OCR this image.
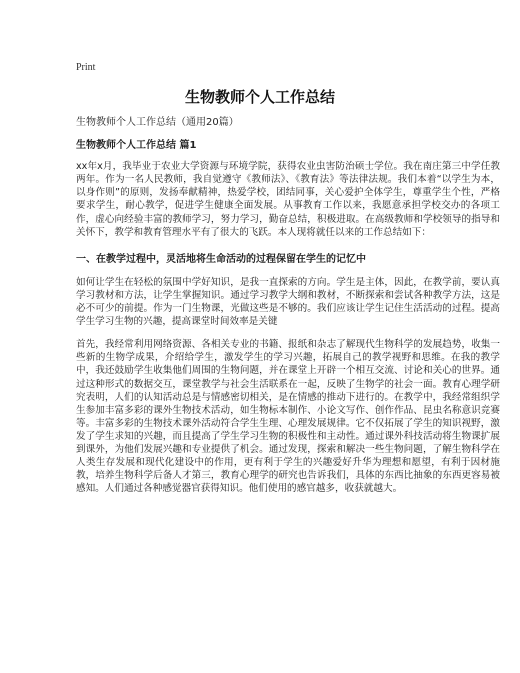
Print
生物教师个人工作总结

生物教师个人工作总结（通用20篇）

生物教师个人工作总结 篇1

xx年x月，我毕业于农业大学资源与环境学院，获得农业虫害防治硕士学位。我在南庄第三中学任教两年。作为一名人民教师，我自觉遵守《教师法》、《教育法》等法律法规。我们本着“以学生为本，以身作则”的原则，发扬奉献精神，热爱学校，团结同事，关心爱护全体学生，尊重学生个性，严格要求学生，耐心教学，促进学生健康全面发展。从事教育工作以来，我愿意承担学校交办的各项工作，虚心向经验丰富的教师学习，努力学习，勤奋总结，积极进取。在高级教师和学校领导的指导和关怀下，教学和教育管理水平有了很大的飞跃。本人现将就任以来的工作总结如下：

一、在教学过程中，灵活地将生命活动的过程保留在学生的记忆中

如何让学生在轻松的氛围中学好知识，是我一直探索的方向。学生是主体，因此，在教学前，要认真学习教材和方法，让学生掌握知识。通过学习教学大纲和教材，不断探索和尝试各种教学方法，这是必不可少的前提。作为一门生物课，光做这些是不够的。我们应该让学生记住生活活动的过程。提高学生学习生物的兴趣，提高课堂时间效率是关键

首先，我经常利用网络资源、各相关专业的书籍、报纸和杂志了解现代生物科学的发展趋势，收集一些新的生物学成果，介绍给学生，激发学生的学习兴趣，拓展自己的教学视野和思维。在我的教学中，我还鼓励学生收集他们周围的生物问题，并在课堂上开辟一个相互交流、讨论和关心的世界。通过这种形式的数据交互，课堂教学与社会生活联系在一起，反映了生物学的社会一面。教育心理学研究表明，人们的认知活动总是与情感密切相关，是在情感的推动下进行的。在教学中，我经常组织学生参加丰富多彩的课外生物技术活动，如生物标本制作、小论文写作、创作作品、昆虫名称意识竞赛等。丰富多彩的生物技术课外活动符合学生生理、心理发展规律。它不仅拓展了学生的知识视野，激发了学生求知的兴趣，而且提高了学生学习生物的积极性和主动性。通过课外科技活动将生物课扩展到课外，为他们发展兴趣和专业提供了机会。通过发现，探索和解决一些生物问题，了解生物科学在人类生存发展和现代化建设中的作用，更有利于学生的兴趣爱好升华为理想和愿望，有利于因材施教，培养生物科学后备人才第三，教育心理学的研究也告诉我们，具体的东西比抽象的东西更容易被感知。人们通过各种感觉器官获得知识。他们使用的感官越多，收获就越大。
